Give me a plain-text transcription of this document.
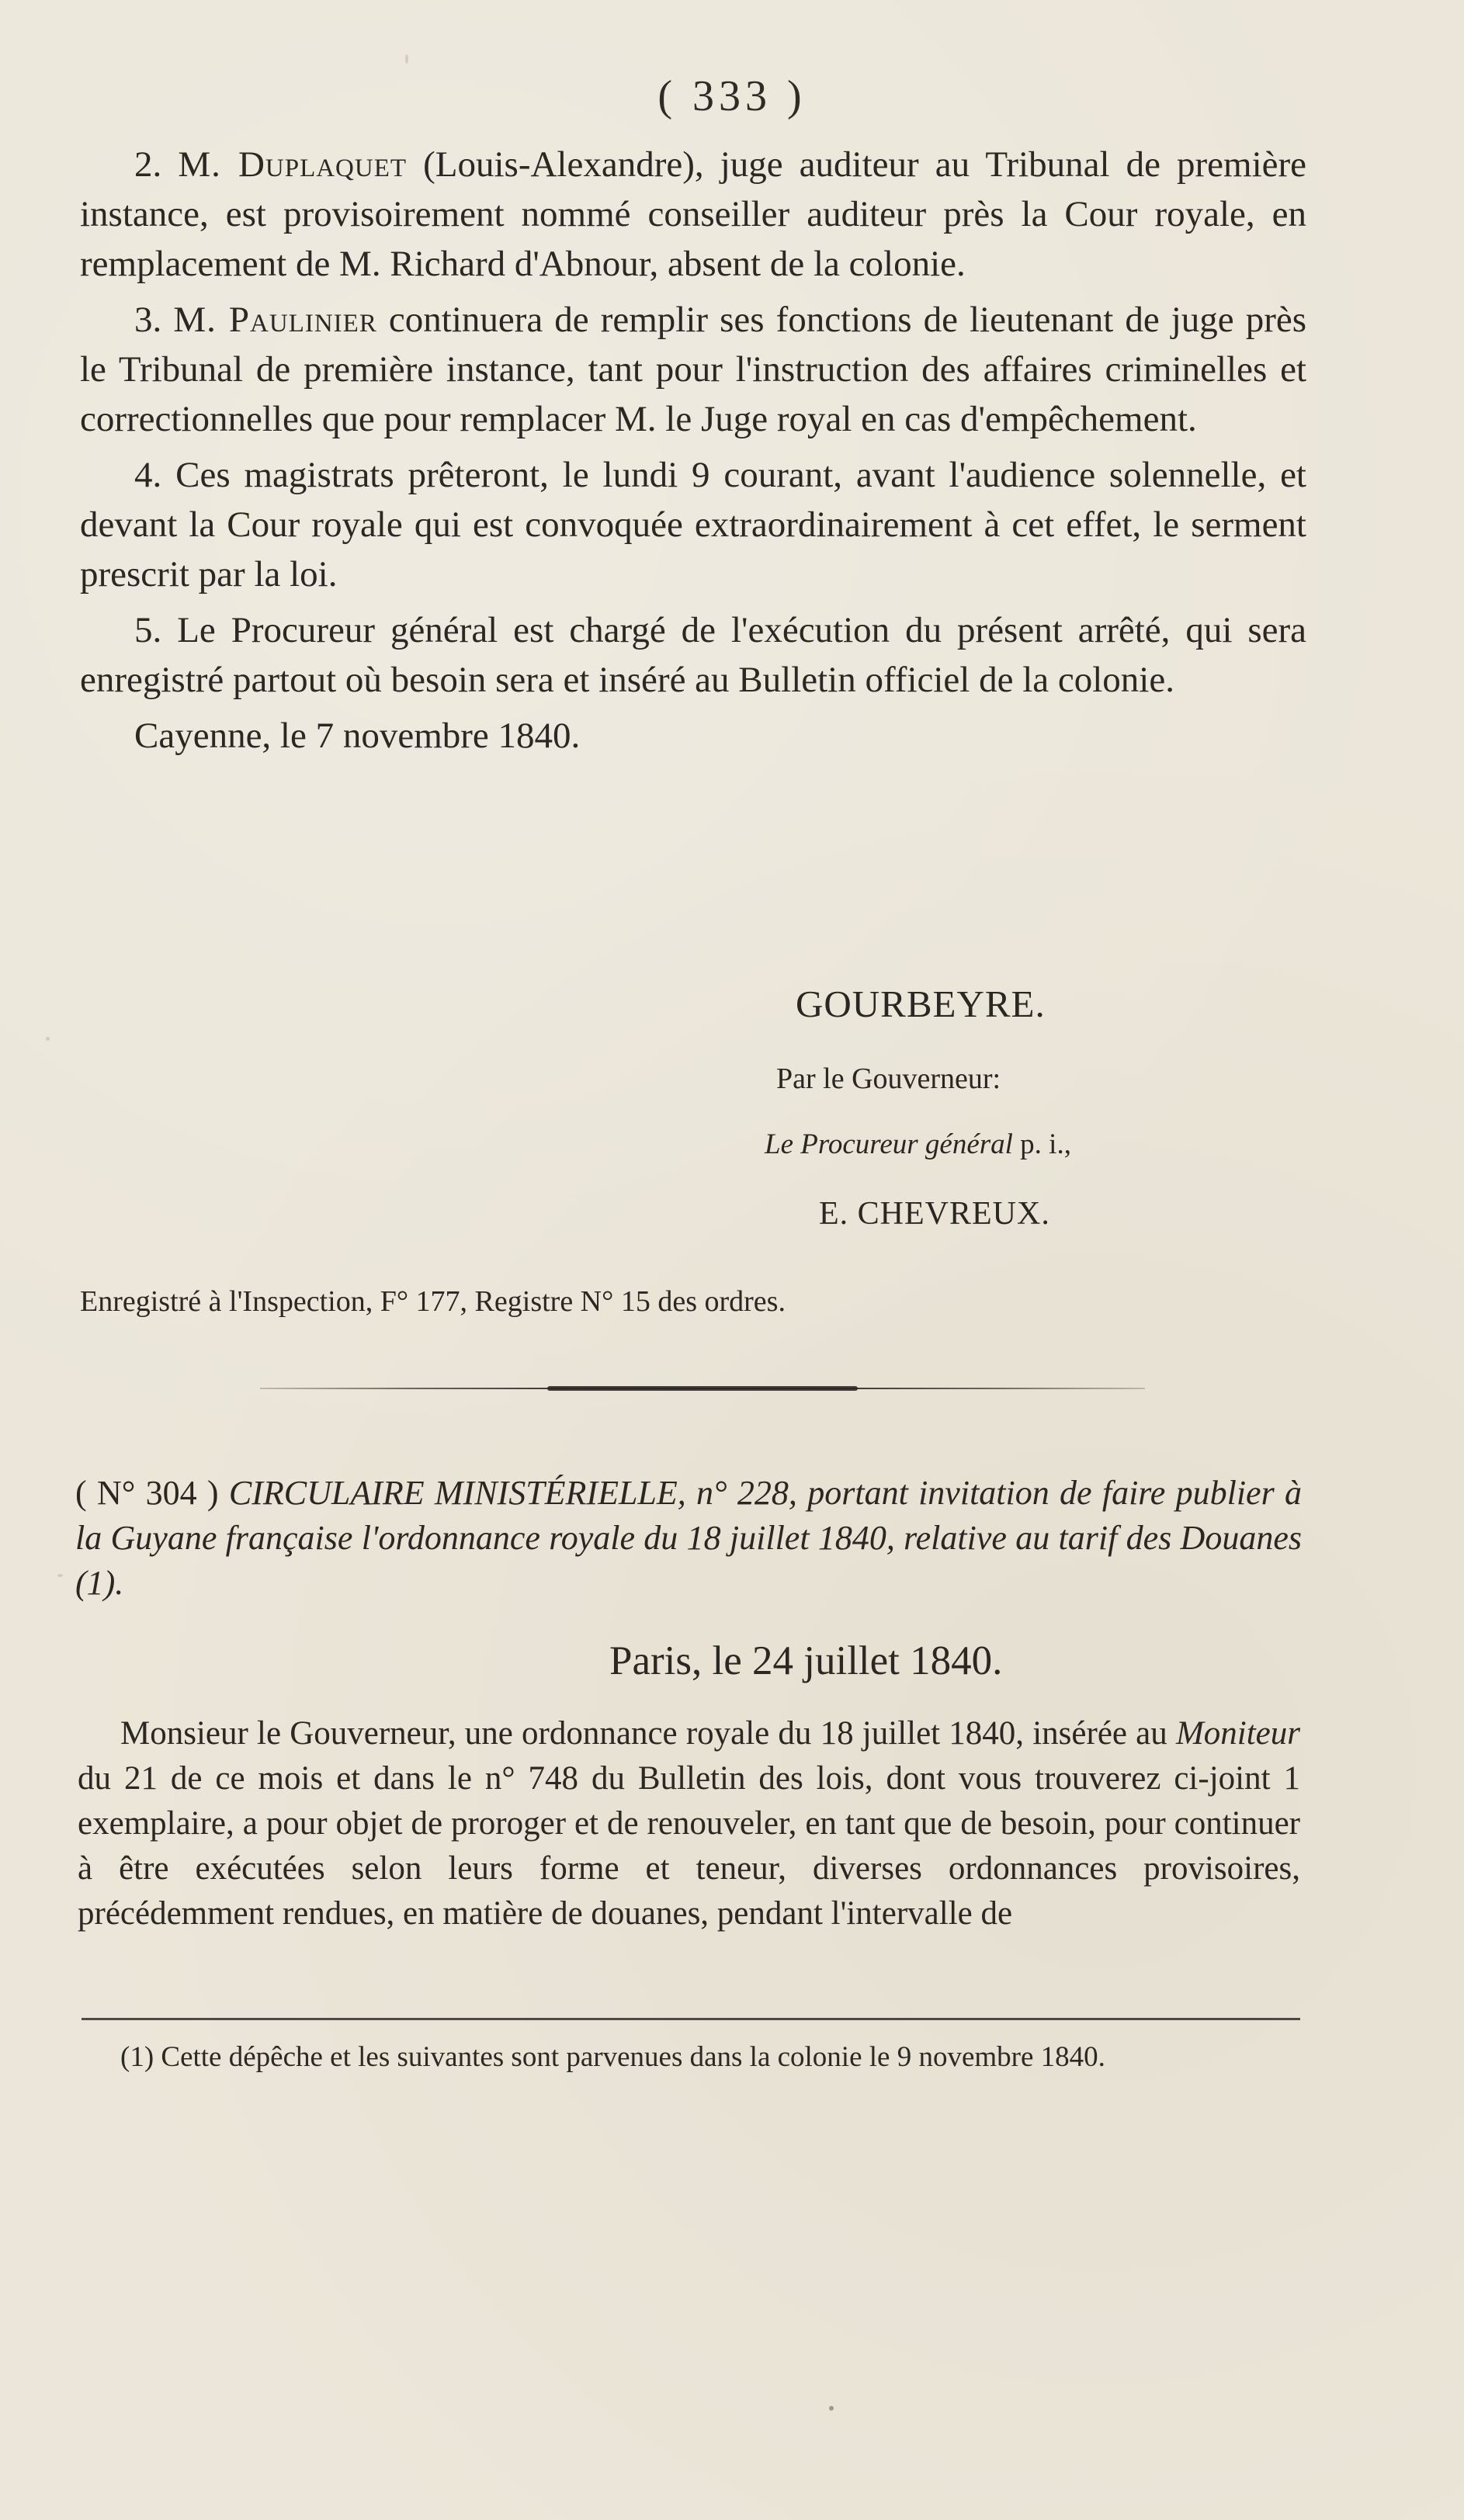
( 333 )

2. M. Duplaquet (Louis-Alexandre), juge auditeur au Tribunal de première instance, est provisoirement nommé conseiller auditeur près la Cour royale, en remplacement de M. Richard d'Abnour, absent de la colonie.

3. M. Paulinier continuera de remplir ses fonctions de lieutenant de juge près le Tribunal de première instance, tant pour l'instruction des affaires criminelles et correctionnelles que pour remplacer M. le Juge royal en cas d'empêchement.

4. Ces magistrats prêteront, le lundi 9 courant, avant l'audience solennelle, et devant la Cour royale qui est convoquée extraordinairement à cet effet, le serment prescrit par la loi.

5. Le Procureur général est chargé de l'exécution du présent arrêté, qui sera enregistré partout où besoin sera et inséré au Bulletin officiel de la colonie.

Cayenne, le 7 novembre 1840.

GOURBEYRE.
Par le Gouverneur:
Le Procureur général p. i.,
E. CHEVREUX.
Enregistré à l'Inspection, F° 177, Registre N° 15 des ordres.

( N° 304 ) CIRCULAIRE MINISTÉRIELLE, n° 228, portant invitation de faire publier à la Guyane française l'ordonnance royale du 18 juillet 1840, relative au tarif des Douanes (1).

Paris, le 24 juillet 1840.

Monsieur le Gouverneur, une ordonnance royale du 18 juillet 1840, insérée au Moniteur du 21 de ce mois et dans le n° 748 du Bulletin des lois, dont vous trouverez ci-joint 1 exemplaire, a pour objet de proroger et de renouveler, en tant que de besoin, pour continuer à être exécutées selon leurs forme et teneur, diverses ordonnances provisoires, précédemment rendues, en matière de douanes, pendant l'intervalle de

(1) Cette dépêche et les suivantes sont parvenues dans la colonie le 9 novembre 1840.
